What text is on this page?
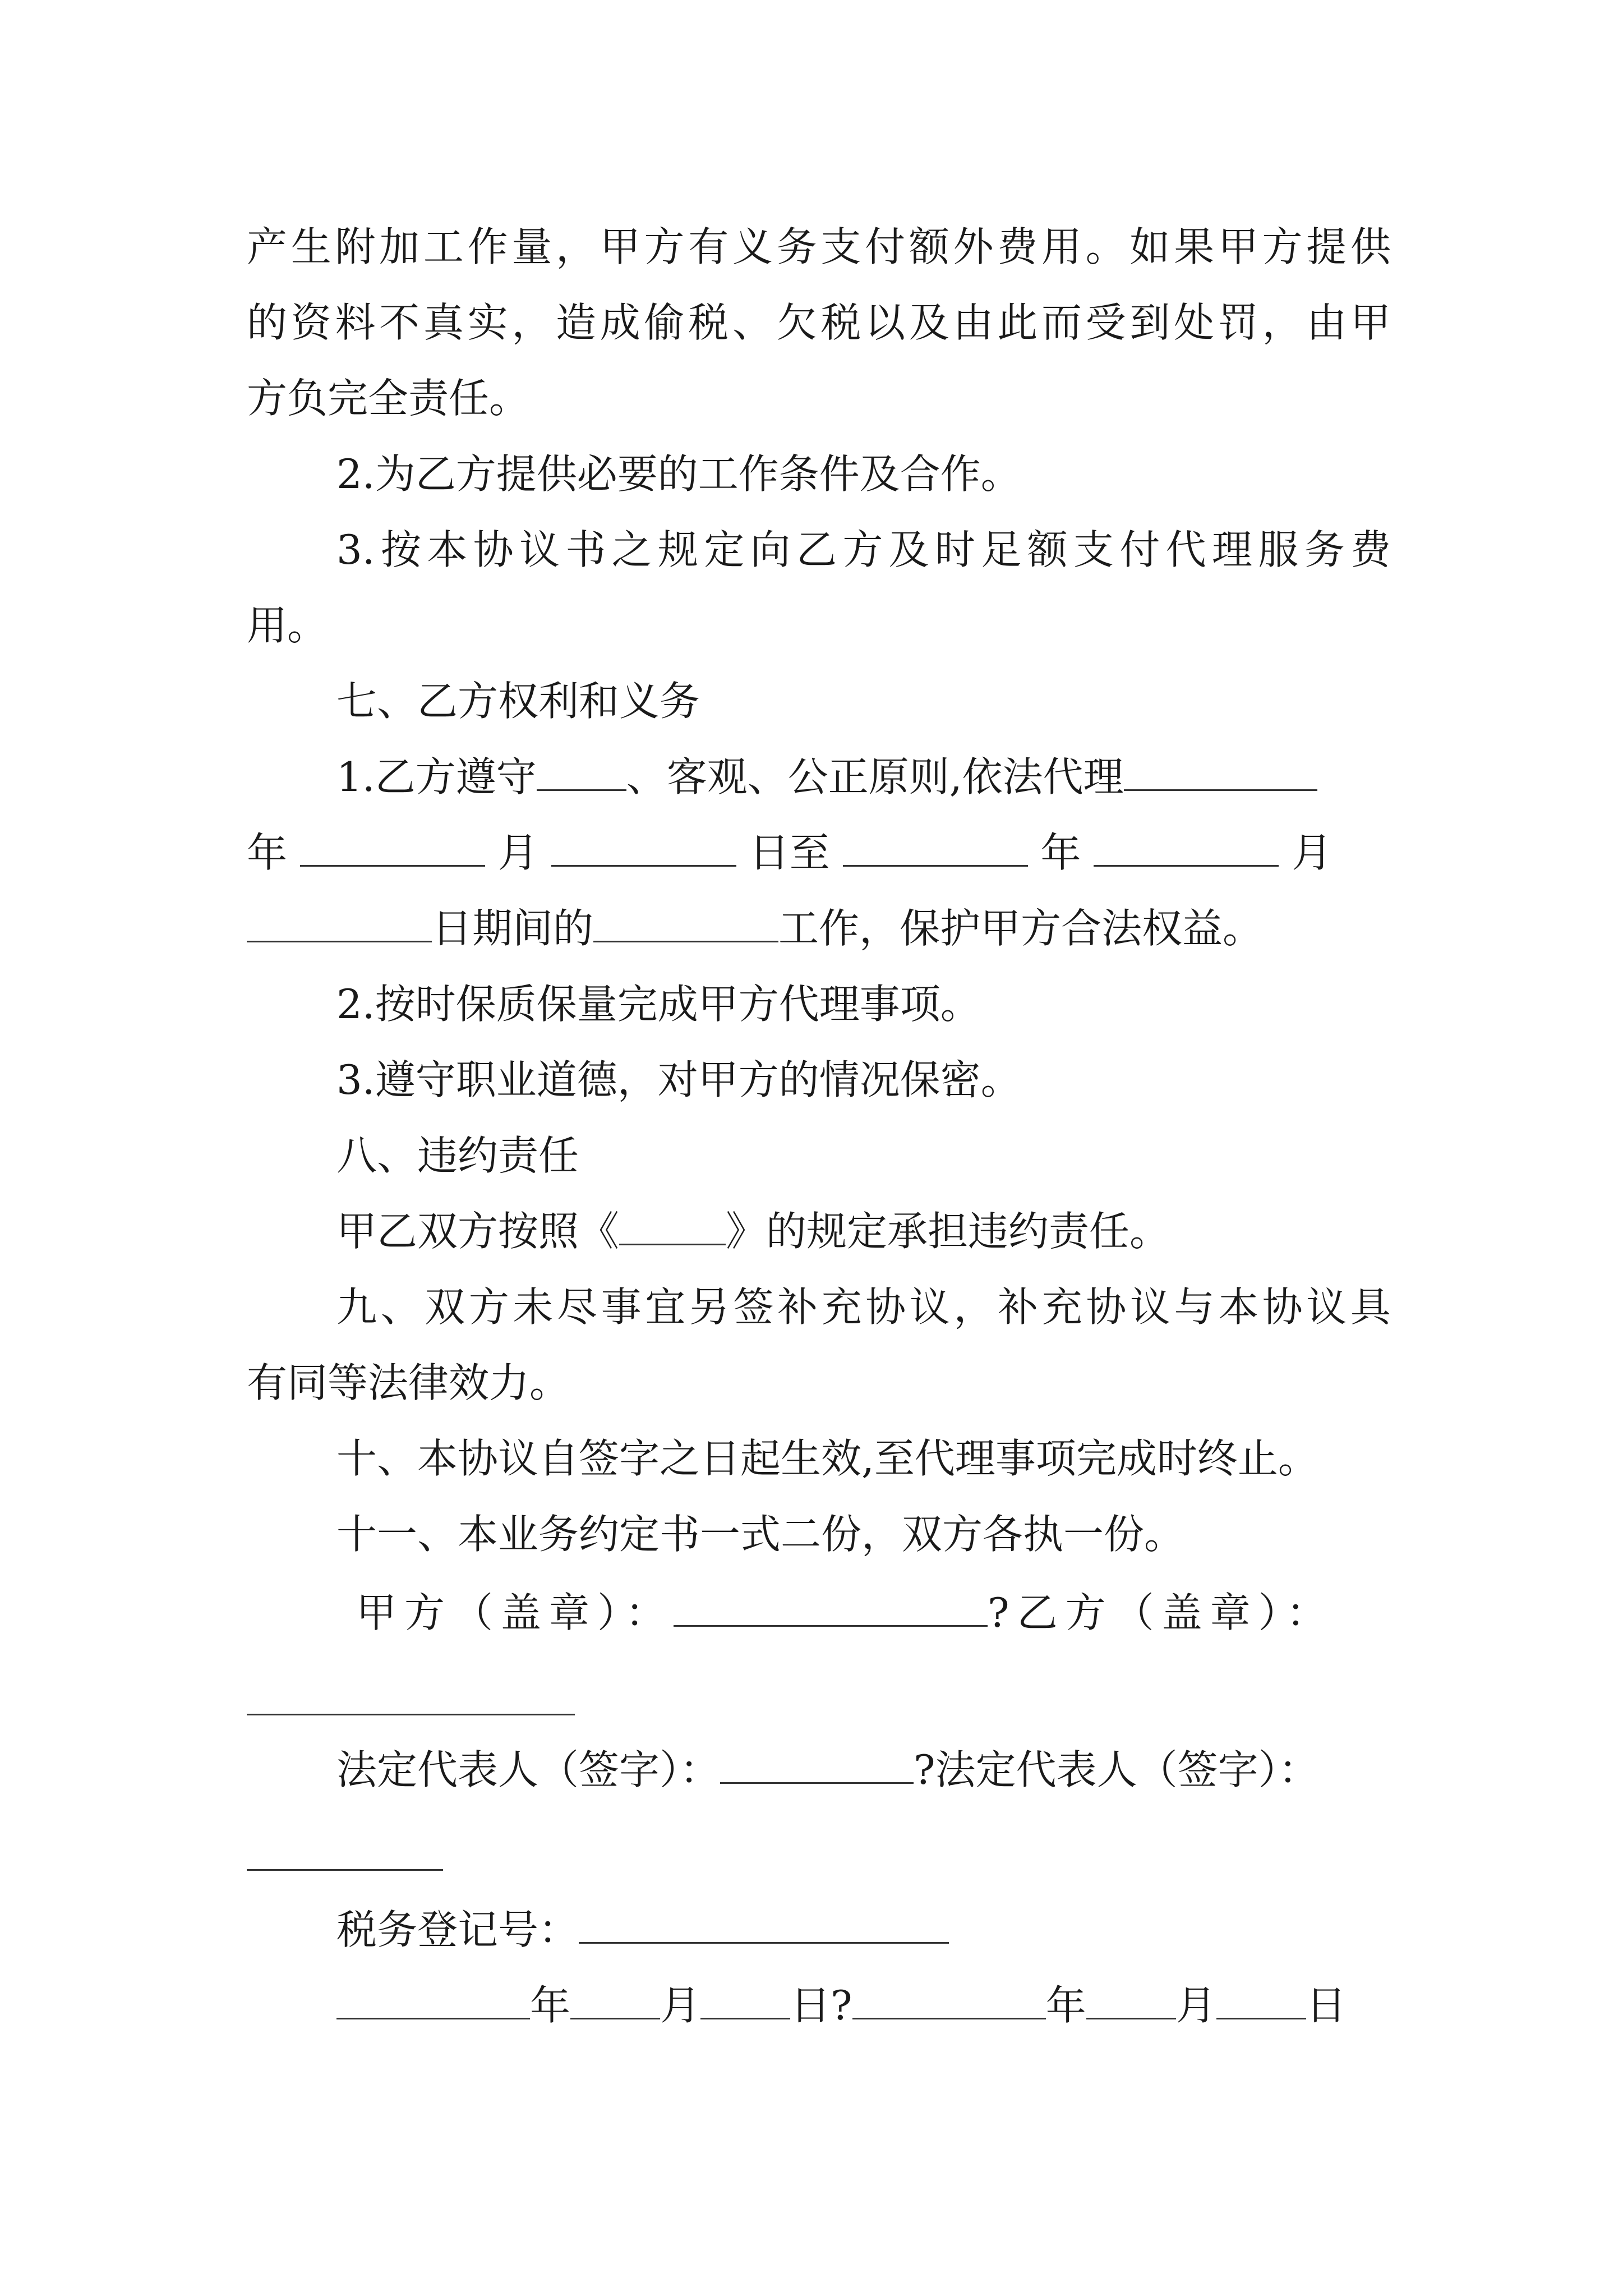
产生附加工作量，甲方有义务支付额外费用。如果甲方提供
的资料不真实，造成偷税、欠税以及由此而受到处罚，由甲
方负完全责任。
2.为乙方提供必要的工作条件及合作。
3.按本协议书之规定向乙方及时足额支付代理服务费
用。
七、乙方权利和义务
1.乙方遵守 、客观、公正原则,依法代理
年	月	日至	年	月
日期间的	工作，保护甲方合法权益。
2.按时保质保量完成甲方代理事项。
3.遵守职业道德，对甲方的情况保密。
八、违约责任
甲乙双方按照《	》的规定承担违约责任。
九、双方未尽事宜另签补充协议，补充协议与本协议具
有同等法律效力。
十、本协议自签字之日起生效,至代理事项完成时终止。
十一、本业务约定书一式二份，双方各执一份。
甲方（盖章）：	?乙方（盖章）：
法定代表人（签字）：	?法定代表人（签字）：
税务登记号：
年 月 日?	年 月 日
